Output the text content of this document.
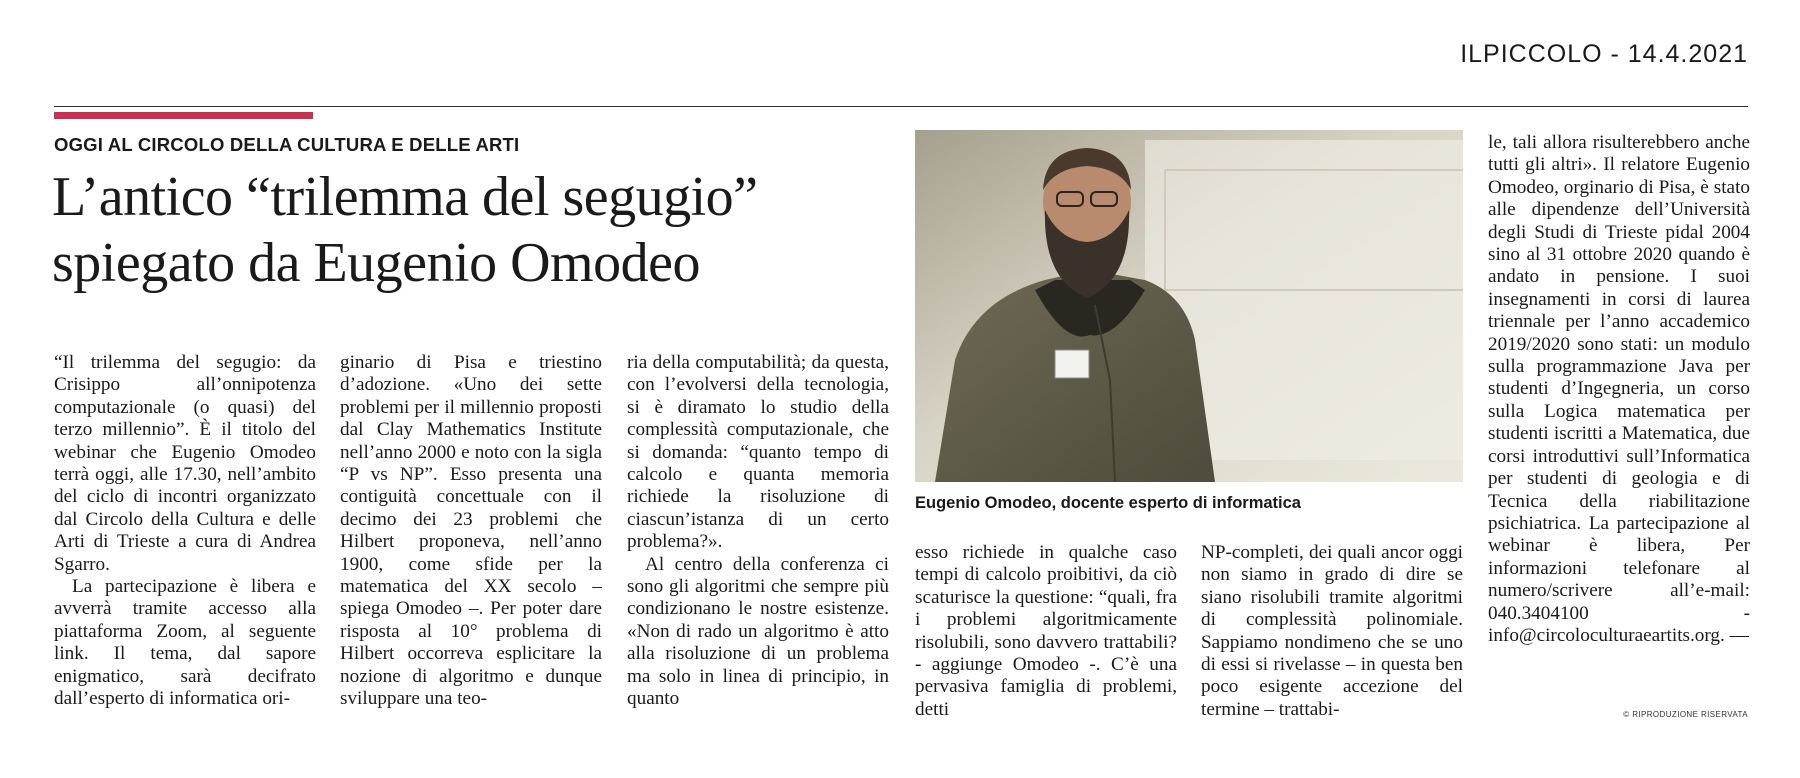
ILPICCOLO - 14.4.2021
OGGI AL CIRCOLO DELLA CULTURA E DELLE ARTI
L’antico “trilemma del segugio”
spiegato da Eugenio Omodeo

“Il trilemma del segugio: da Crisippo all’onnipotenza computazionale (o quasi) del terzo millennio”. È il titolo del webinar che Eugenio Omodeo terrà oggi, alle 17.30, nell’ambito del ciclo di incontri organizzato dal Circolo della Cultura e delle Arti di Trieste a cura di Andrea Sgarro.

La partecipazione è libera e avverrà tramite accesso alla piattaforma Zoom, al seguente link. Il tema, dal sapore enigmatico, sarà decifrato dall’esperto di informatica ori-

ginario di Pisa e triestino d’adozione. «Uno dei sette problemi per il millennio proposti dal Clay Mathematics Institute nell’anno 2000 e noto con la sigla “P vs NP”. Esso presenta una contiguità concettuale con il decimo dei 23 problemi che Hilbert proponeva, nell’anno 1900, come sfide per la matematica del XX secolo – spiega Omodeo –. Per poter dare risposta al 10° problema di Hilbert occorreva esplicitare la nozione di algoritmo e dunque sviluppare una teo-

ria della computabilità; da questa, con l’evolversi della tecnologia, si è diramato lo studio della complessità computazionale, che si domanda: “quanto tempo di calcolo e quanta memoria richiede la risoluzione di ciascun’istanza di un certo problema?».

Al centro della conferenza ci sono gli algoritmi che sempre più condizionano le nostre esistenze. «Non di rado un algoritmo è atto alla risoluzione di un problema ma solo in linea di principio, in quanto

Eugenio Omodeo, docente esperto di informatica

esso richiede in qualche caso tempi di calcolo proibitivi, da ciò scaturisce la questione: “quali, fra i problemi algoritmicamente risolubili, sono davvero trattabili? - aggiunge Omodeo -. C’è una pervasiva famiglia di problemi, detti

NP-completi, dei quali ancor oggi non siamo in grado di dire se siano risolubili tramite algoritmi di complessità polinomiale. Sappiamo nondimeno che se uno di essi si rivelasse – in questa ben poco esigente accezione del termine – trattabi-

le, tali allora risulterebbero anche tutti gli altri». Il relatore Eugenio Omodeo, orginario di Pisa, è stato alle dipendenze dell’Università degli Studi di Trieste pidal 2004 sino al 31 ottobre 2020 quando è andato in pensione. I suoi insegnamenti in corsi di laurea triennale per l’anno accademico 2019/2020 sono stati: un modulo sulla programmazione Java per studenti d’Ingegneria, un corso sulla Logica matematica per studenti iscritti a Matematica, due corsi introduttivi sull’Informatica per studenti di geologia e di Tecnica della riabilitazione psichiatrica. La partecipazione al webinar è libera, Per informazioni telefonare al numero/scrivere all’e-mail: 040.3404100 - info@circoloculturaeartits.org. —

© RIPRODUZIONE RISERVATA
